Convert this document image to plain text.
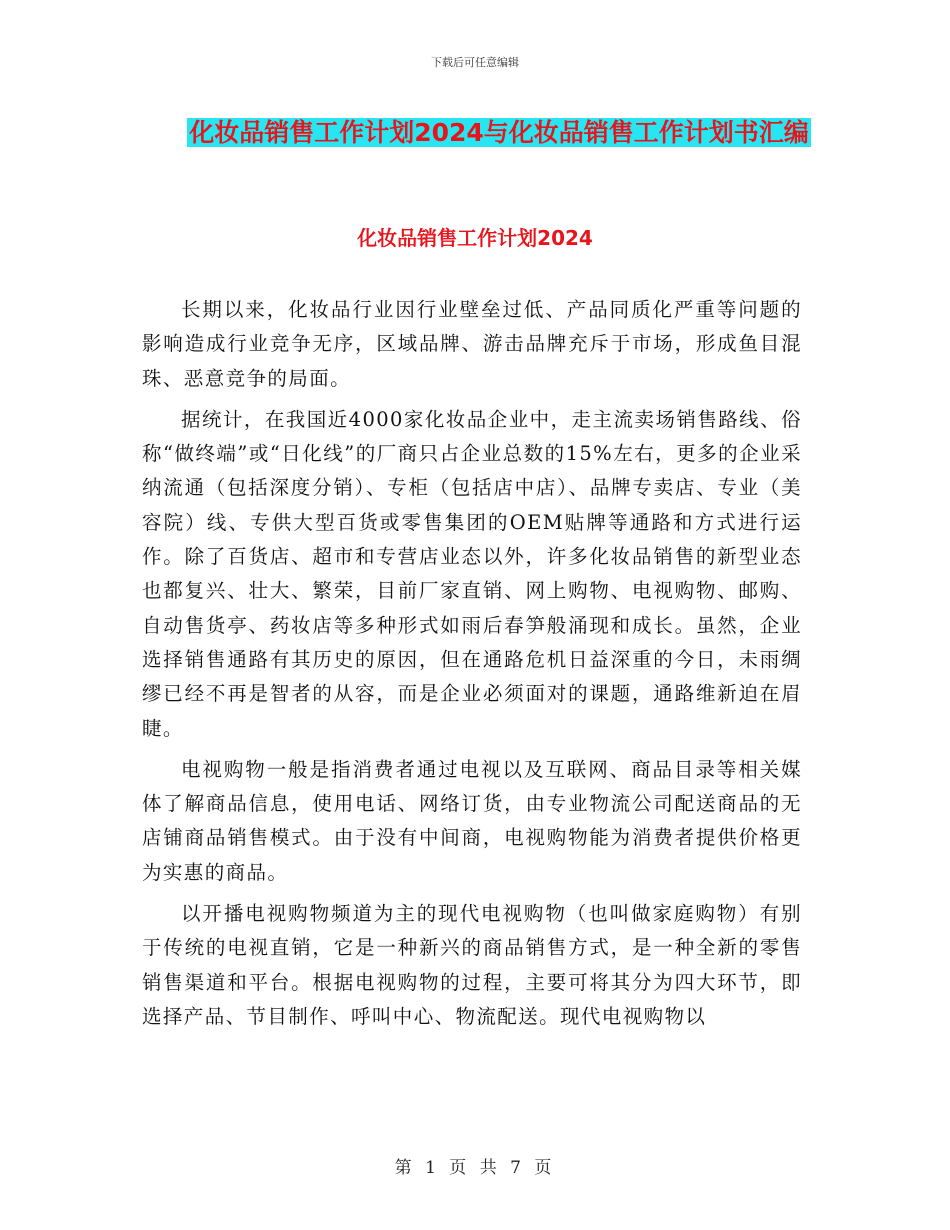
下载后可任意编辑
化妆品销售工作计划2024与化妆品销售工作计划书汇编
化妆品销售工作计划2024

长期以来，化妆品行业因行业壁垒过低、产品同质化严重等问题的影响造成行业竞争无序，区域品牌、游击品牌充斥于市场，形成鱼目混珠、恶意竞争的局面。

据统计，在我国近4000家化妆品企业中，走主流卖场销售路线、俗称“做终端”或“日化线”的厂商只占企业总数的15%左右，更多的企业采纳流通（包括深度分销）、专柜（包括店中店）、品牌专卖店、专业（美容院）线、专供大型百货或零售集团的OEM贴牌等通路和方式进行运作。除了百货店、超市和专营店业态以外，许多化妆品销售的新型业态也都复兴、壮大、繁荣，目前厂家直销、网上购物、电视购物、邮购、自动售货亭、药妆店等多种形式如雨后春笋般涌现和成长。虽然，企业选择销售通路有其历史的原因，但在通路危机日益深重的今日，未雨绸缪已经不再是智者的从容，而是企业必须面对的课题，通路维新迫在眉睫。

电视购物一般是指消费者通过电视以及互联网、商品目录等相关媒体了解商品信息，使用电话、网络订货，由专业物流公司配送商品的无店铺商品销售模式。由于没有中间商，电视购物能为消费者提供价格更为实惠的商品。

以开播电视购物频道为主的现代电视购物（也叫做家庭购物）有别于传统的电视直销，它是一种新兴的商品销售方式，是一种全新的零售销售渠道和平台。根据电视购物的过程，主要可将其分为四大环节，即选择产品、节目制作、呼叫中心、物流配送。现代电视购物以

第 1 页 共 7 页
